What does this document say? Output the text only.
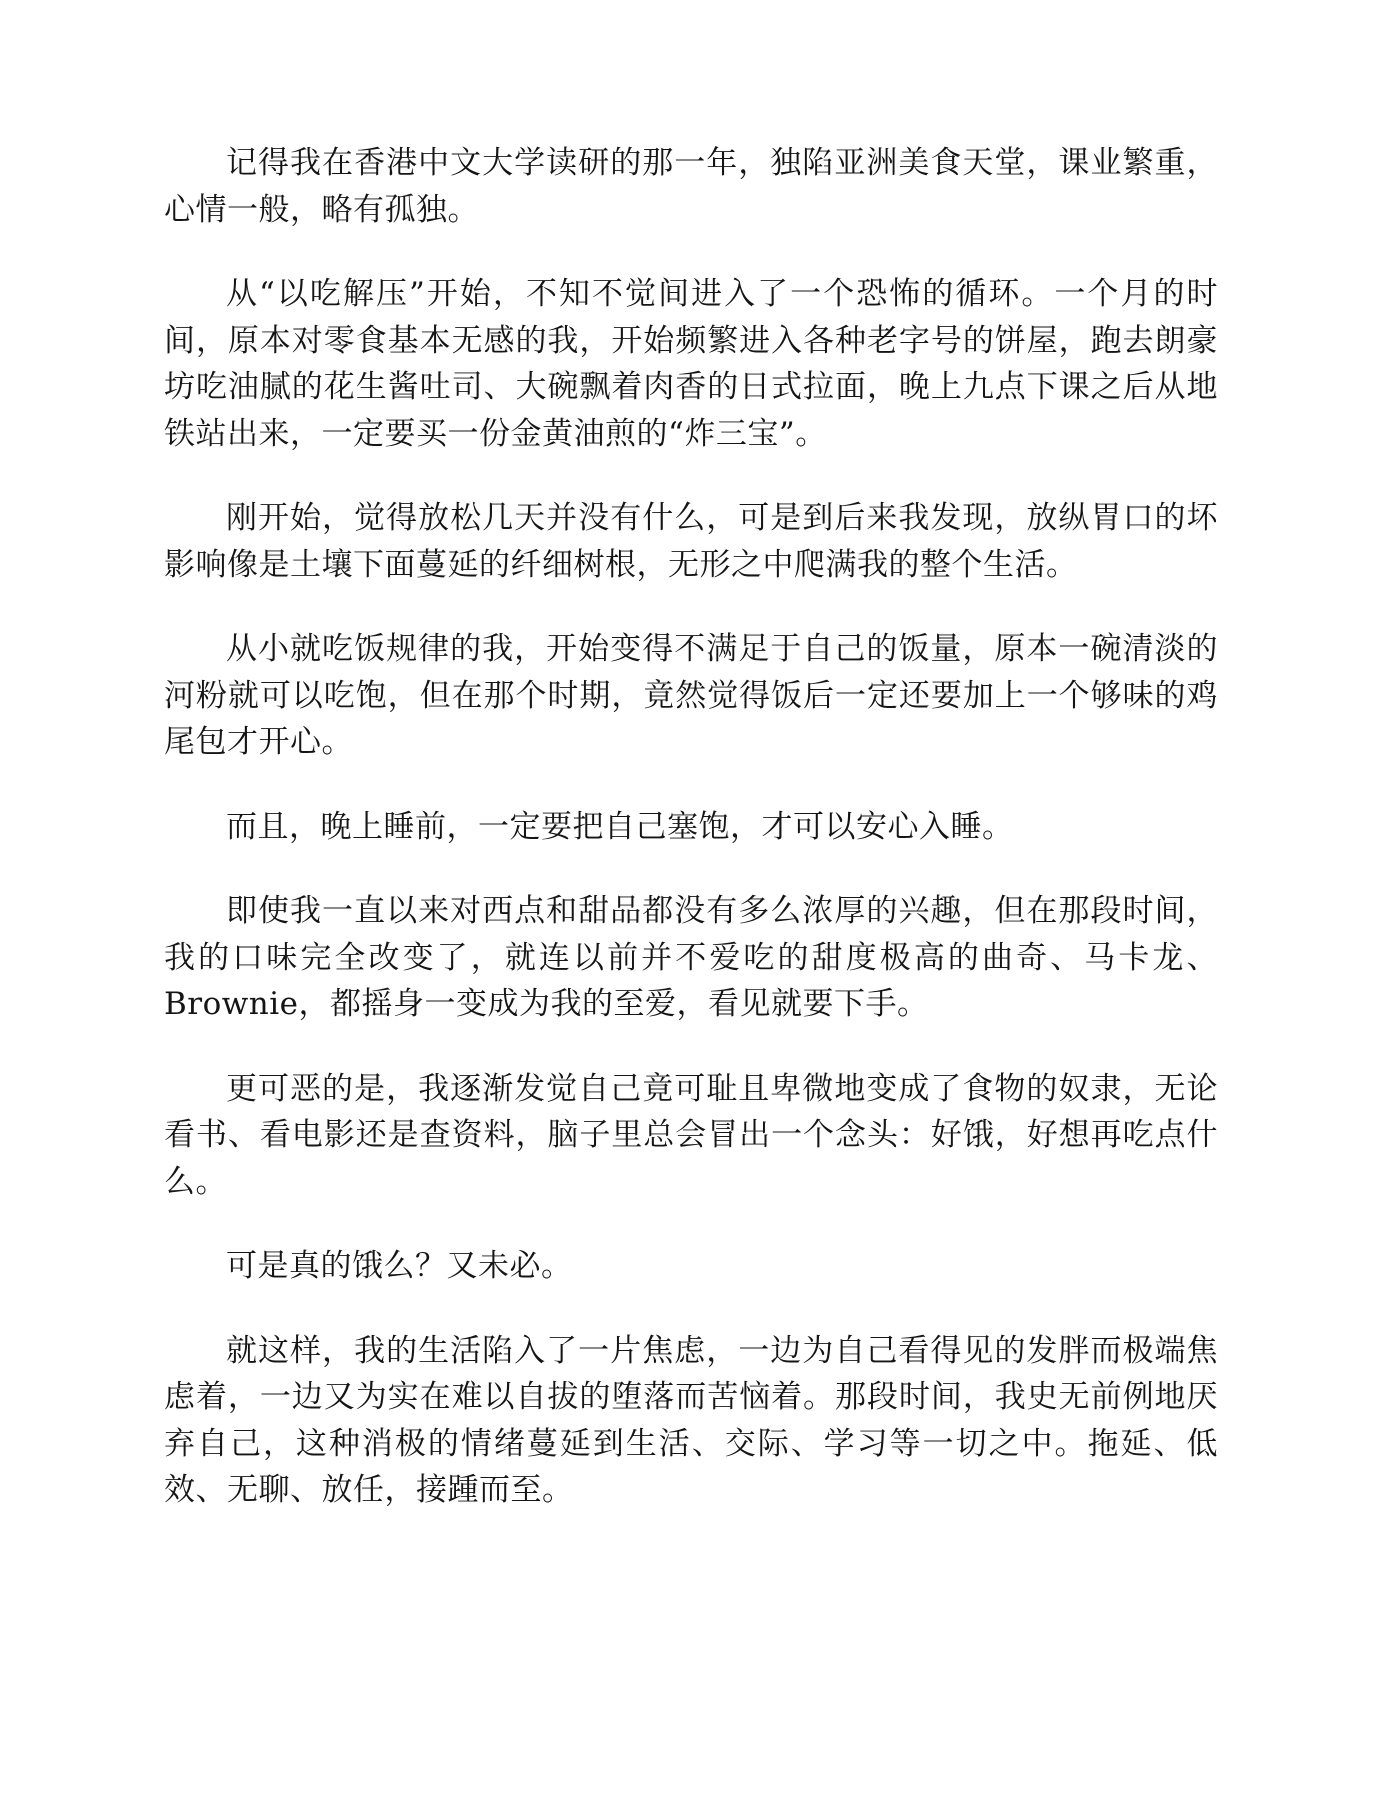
记得我在香港中文大学读研的那一年，独陷亚洲美食天堂，课业繁重，心情一般，略有孤独。

从“以吃解压”开始，不知不觉间进入了一个恐怖的循环。一个月的时间，原本对零食基本无感的我，开始频繁进入各种老字号的饼屋，跑去朗豪坊吃油腻的花生酱吐司、大碗飘着肉香的日式拉面，晚上九点下课之后从地铁站出来，一定要买一份金黄油煎的“炸三宝”。

刚开始，觉得放松几天并没有什么，可是到后来我发现，放纵胃口的坏影响像是土壤下面蔓延的纤细树根，无形之中爬满我的整个生活。

从小就吃饭规律的我，开始变得不满足于自己的饭量，原本一碗清淡的河粉就可以吃饱，但在那个时期，竟然觉得饭后一定还要加上一个够味的鸡尾包才开心。

而且，晚上睡前，一定要把自己塞饱，才可以安心入睡。

即使我一直以来对西点和甜品都没有多么浓厚的兴趣，但在那段时间，我的口味完全改变了，就连以前并不爱吃的甜度极高的曲奇、马卡龙、Brownie，都摇身一变成为我的至爱，看见就要下手。

更可恶的是，我逐渐发觉自己竟可耻且卑微地变成了食物的奴隶，无论看书、看电影还是查资料，脑子里总会冒出一个念头：好饿，好想再吃点什么。

可是真的饿么？又未必。

就这样，我的生活陷入了一片焦虑，一边为自己看得见的发胖而极端焦虑着，一边又为实在难以自拔的堕落而苦恼着。那段时间，我史无前例地厌弃自己，这种消极的情绪蔓延到生活、交际、学习等一切之中。拖延、低效、无聊、放任，接踵而至。
